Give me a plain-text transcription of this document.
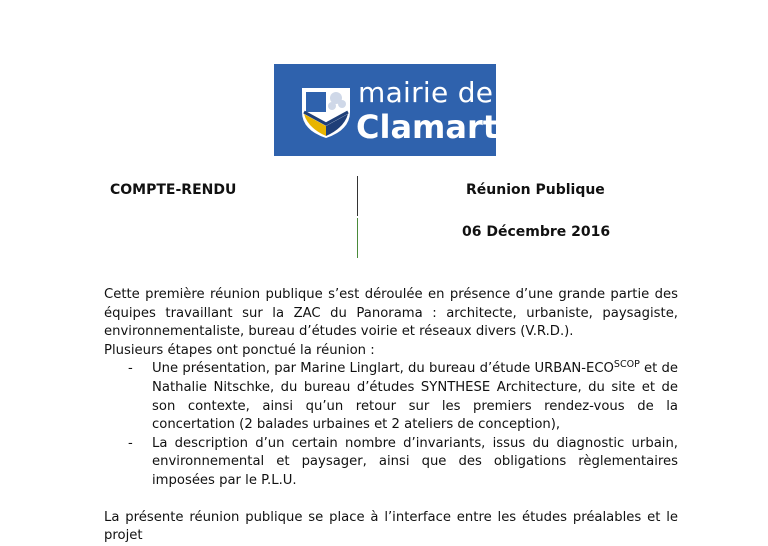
mairie de
Clamart
COMPTE-RENDU	Réunion Publique
06 Décembre 2016

Cette première réunion publique s’est déroulée en présence d’une grande partie des équipes travaillant sur la ZAC du Panorama : architecte, urbaniste, paysagiste, environnementaliste, bureau d’études voirie et réseaux divers (V.R.D.).

Plusieurs étapes ont ponctué la réunion :

- Une présentation, par Marine Linglart, du bureau d’étude URBAN-$ECO^{SCOP}$ et de Nathalie Nitschke, du bureau d’études SYNTHESE Architecture, du site et de son contexte, ainsi qu’un retour sur les premiers rendez-vous de la concertation (2 balades urbaines et 2 ateliers de conception),

- La description d’un certain nombre d’invariants, issus du diagnostic urbain, environnemental et paysager, ainsi que des obligations règlementaires imposées par le P.L.U.

La présente réunion publique se place à l’interface entre les études préalables et le projet
